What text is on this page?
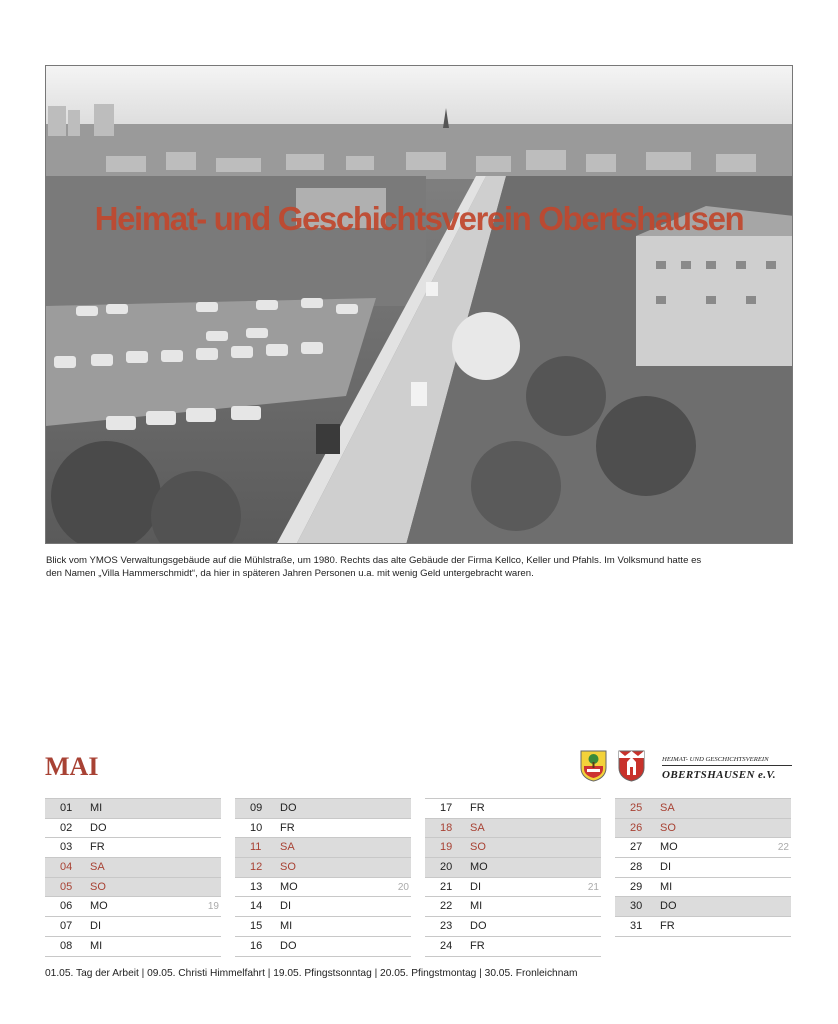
Heimat- und Geschichtsverein Obertshausen
Blick vom YMOS Verwaltungsgebäude auf die Mühlstraße, um 1980. Rechts das alte Gebäude der Firma Kellco, Keller und Pfahls. Im Volksmund hatte es
den Namen „Villa Hammerschmidt“, da hier in späteren Jahren Personen u.a. mit wenig Geld untergebracht waren.
MAI	HEIMAT- UND GESCHICHTSVEREIN
OBERTSHAUSEN e.V.
01 MI
02 DO
03 FR
04 SA
05 SO
06 MO	19
07 DI
08 MI
09 DO
10 FR
11 SA
12 SO
13 MO	20
14 DI
15 MI
16 DO
17 FR
18 SA
19 SO
20 MO
21 DI	21
22 MI
23 DO
24 FR
25 SA
26 SO
27 MO	22
28 DI
29 MI
30 DO
31 FR
01.05. Tag der Arbeit | 09.05. Christi Himmelfahrt | 19.05. Pfingstsonntag | 20.05. Pfingstmontag | 30.05. Fronleichnam
